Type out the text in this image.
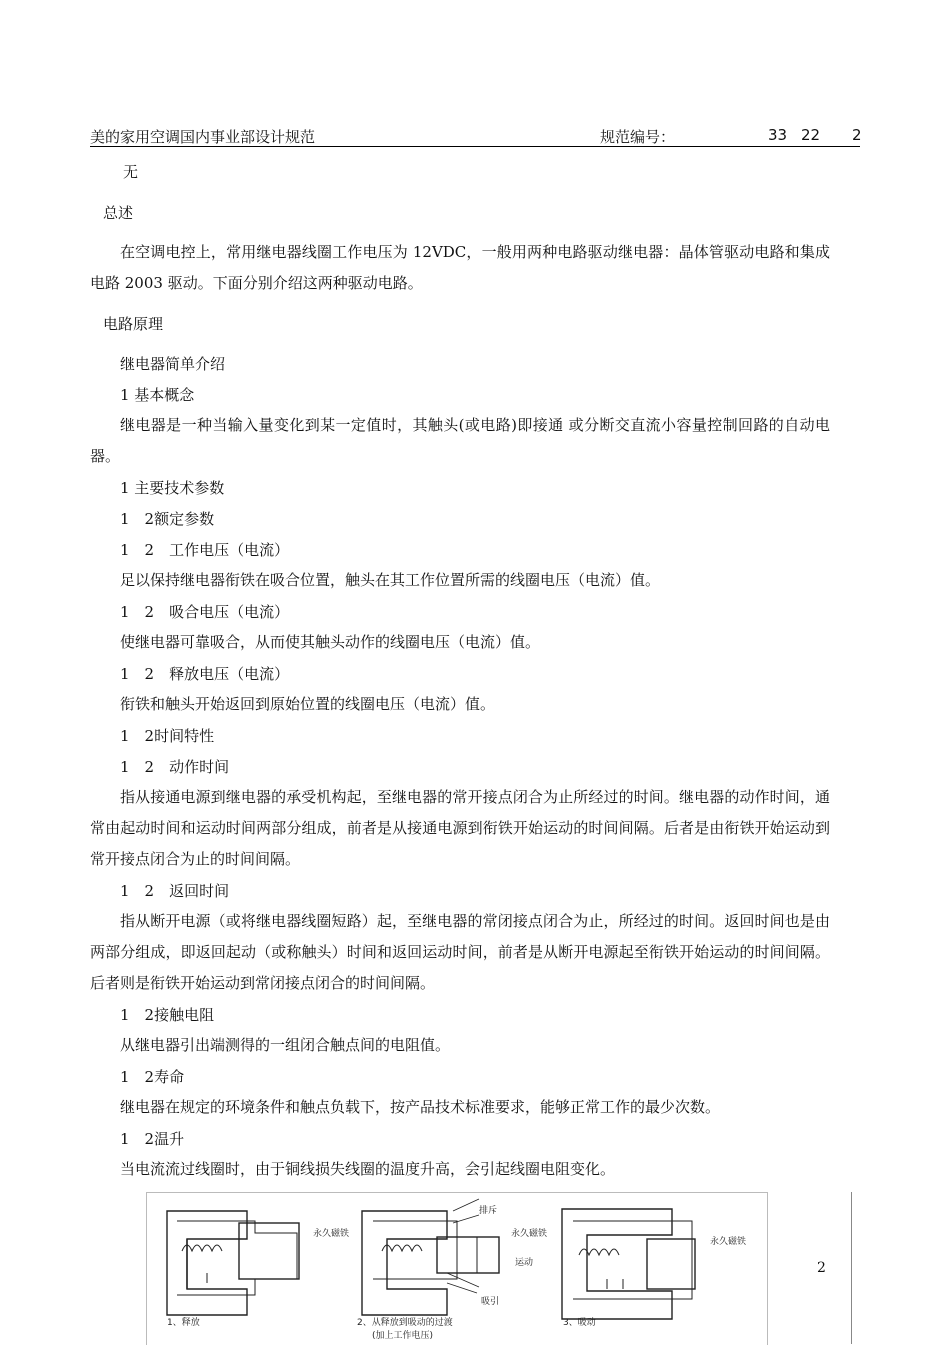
美的家用空调国内事业部设计规范	规范编号：	33 22 2
无
总述
在空调电控上，常用继电器线圈工作电压为 12VDC，一般用两种电路驱动继电器：晶体管驱动电路和集成电路 2003 驱动。下面分别介绍这两种驱动电路。
电路原理
继电器简单介绍
1 基本概念
继电器是一种当输入量变化到某一定值时，其触头(或电路)即接通 或分断交直流小容量控制回路的自动电器。
1 主要技术参数
1　2额定参数
1　2　工作电压（电流）
足以保持继电器衔铁在吸合位置，触头在其工作位置所需的线圈电压（电流）值。
1　2　吸合电压（电流）
使继电器可靠吸合，从而使其触头动作的线圈电压（电流）值。
1　2　释放电压（电流）
衔铁和触头开始返回到原始位置的线圈电压（电流）值。
1　2时间特性
1　2　动作时间
指从接通电源到继电器的承受机构起，至继电器的常开接点闭合为止所经过的时间。继电器的动作时间，通常由起动时间和运动时间两部分组成，前者是从接通电源到衔铁开始运动的时间间隔。后者是由衔铁开始运动到常开接点闭合为止的时间间隔。
1　2　返回时间
指从断开电源（或将继电器线圈短路）起，至继电器的常闭接点闭合为止，所经过的时间。返回时间也是由两部分组成，即返回起动（或称触头）时间和返回运动时间，前者是从断开电源起至衔铁开始运动的时间间隔。后者则是衔铁开始运动到常闭接点闭合的时间间隔。
1　2接触电阻
从继电器引出端测得的一组闭合触点间的电阻值。
1　2寿命
继电器在规定的环境条件和触点负载下，按产品技术标准要求，能够正常工作的最少次数。
1　2温升
当电流流过线圈时，由于铜线损失线圈的温度升高，会引起线圈电阻变化。
永久磁铁	永久磁铁
永久磁铁
排斥
运动
吸引
1、释放	2、从释放到吸动的过渡
(加上工作电压)
3、吸动
2
